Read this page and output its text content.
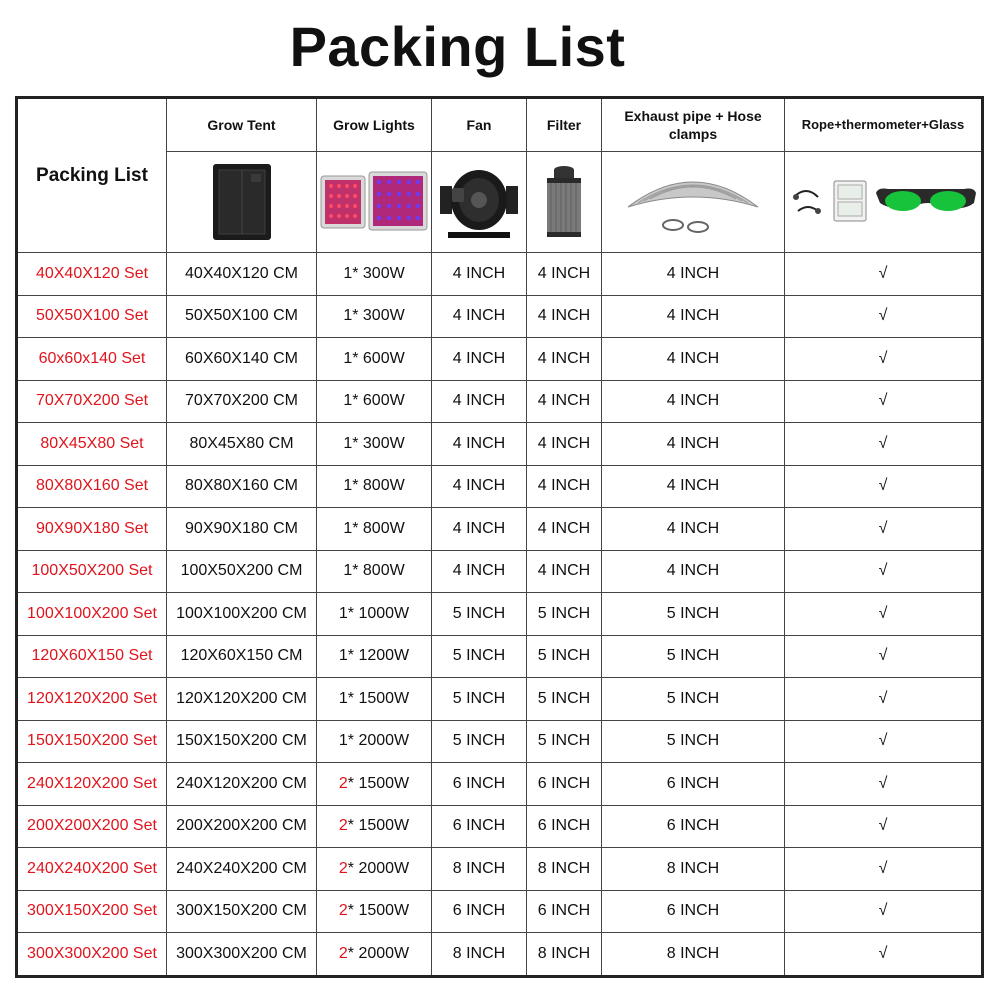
Packing List
Packing List	Grow Tent	Grow Lights	Fan	Filter	Exhaust pipe + Hose clamps	Rope+thermometer+Glass

40X40X120 Set	40X40X120 CM	1* 300W	4 INCH	4 INCH	4 INCH	√
50X50X100 Set	50X50X100 CM	1* 300W	4 INCH	4 INCH	4 INCH	√
60x60x140 Set	60X60X140 CM	1* 600W	4 INCH	4 INCH	4 INCH	√
70X70X200 Set	70X70X200 CM	1* 600W	4 INCH	4 INCH	4 INCH	√
80X45X80 Set	80X45X80 CM	1* 300W	4 INCH	4 INCH	4 INCH	√
80X80X160 Set	80X80X160 CM	1* 800W	4 INCH	4 INCH	4 INCH	√
90X90X180 Set	90X90X180 CM	1* 800W	4 INCH	4 INCH	4 INCH	√
100X50X200 Set	100X50X200 CM	1* 800W	4 INCH	4 INCH	4 INCH	√
100X100X200 Set	100X100X200 CM	1* 1000W	5 INCH	5 INCH	5 INCH	√
120X60X150 Set	120X60X150 CM	1* 1200W	5 INCH	5 INCH	5 INCH	√
120X120X200 Set	120X120X200 CM	1* 1500W	5 INCH	5 INCH	5 INCH	√
150X150X200 Set	150X150X200 CM	1* 2000W	5 INCH	5 INCH	5 INCH	√
240X120X200 Set	240X120X200 CM	2* 1500W	6 INCH	6 INCH	6 INCH	√
200X200X200 Set	200X200X200 CM	2* 1500W	6 INCH	6 INCH	6 INCH	√
240X240X200 Set	240X240X200 CM	2* 2000W	8 INCH	8 INCH	8 INCH	√
300X150X200 Set	300X150X200 CM	2* 1500W	6 INCH	6 INCH	6 INCH	√
300X300X200 Set	300X300X200 CM	2* 2000W	8 INCH	8 INCH	8 INCH	√
